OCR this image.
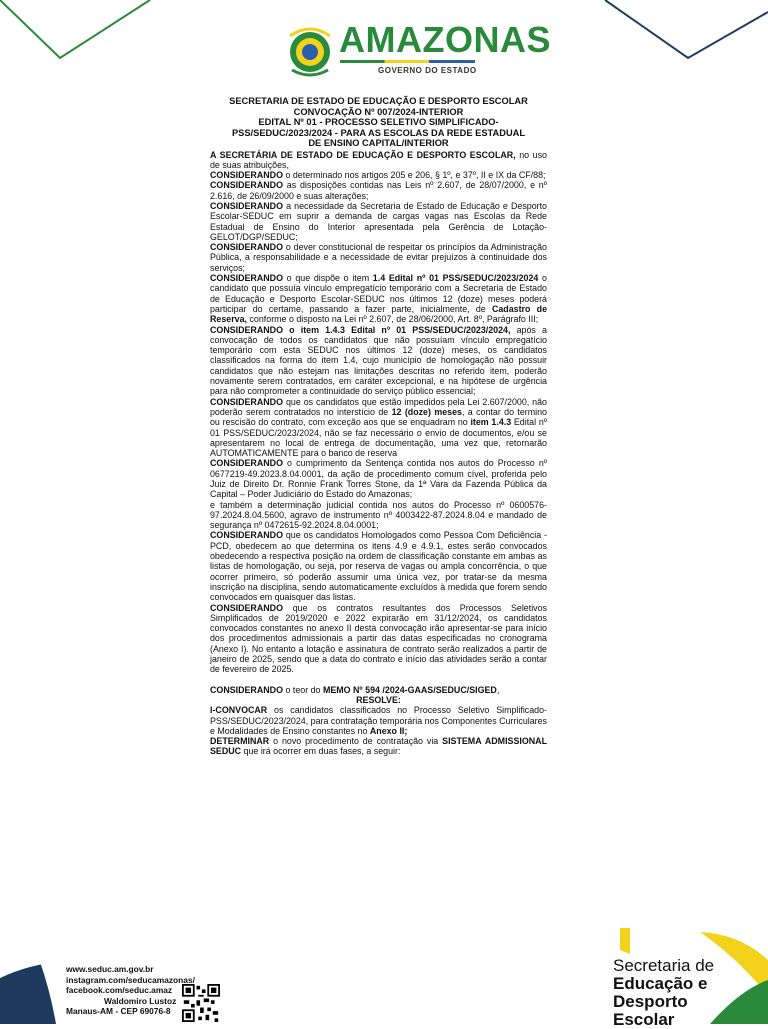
AMAZONAS
GOVERNO DO ESTADO
SECRETARIA DE ESTADO DE EDUCAÇÃO E DESPORTO ESCOLAR
CONVOCAÇÃO Nº 007/2024-INTERIOR
EDITAL Nº 01 - PROCESSO SELETIVO SIMPLIFICADO-
PSS/SEDUC/2023/2024 - PARA AS ESCOLAS DA REDE ESTADUAL
DE ENSINO CAPITAL/INTERIOR

A SECRETÁRIA DE ESTADO DE EDUCAÇÃO E DESPORTO ESCOLAR, no uso de suas atribuições,

CONSIDERANDO o determinado nos artigos 205 e 206, § 1º, e 37º, II e IX da CF/88;

CONSIDERANDO as disposições contidas nas Leis nº 2.607, de 28/07/2000, e nº 2.616, de 26/09/2000 e suas alterações;

CONSIDERANDO a necessidade da Secretaria de Estado de Educação e Desporto Escolar-SEDUC em suprir a demanda de cargas vagas nas Escolas da Rede Estadual de Ensino do Interior apresentada pela Gerência de Lotação-GELOT/DGP/SEDUC;

CONSIDERANDO o dever constitucional de respeitar os princípios da Administração Pública, a responsabilidade e a necessidade de evitar prejuízos à continuidade dos serviços;

CONSIDERANDO o que dispõe o item 1.4 Edital nº 01 PSS/SEDUC/2023/2024 o candidato que possuía vínculo empregatício temporário com a Secretaria de Estado de Educação e Desporto Escolar-SEDUC nos últimos 12 (doze) meses poderá participar do certame, passando a fazer parte, inicialmente, de Cadastro de Reserva, conforme o disposto na Lei nº 2.607, de 28/06/2000, Art. 8º, Parágrafo III;

CONSIDERANDO o item 1.4.3 Edital nº 01 PSS/SEDUC/2023/2024, após a convocação de todos os candidatos que não possuíam vínculo empregatício temporário com esta SEDUC nos últimos 12 (doze) meses, os candidatos classificados na forma do item 1.4, cujo município de homologação não possuir candidatos que não estejam nas limitações descritas no referido item, poderão novamente serem contratados, em caráter excepcional, e na hipótese de urgência para não comprometer a continuidade do serviço público essencial;

CONSIDERANDO que os candidatos que estão impedidos pela Lei 2.607/2000, não poderão serem contratados no interstício de 12 (doze) meses, a contar do termino ou rescisão do contrato, com exceção aos que se enquadram no item 1.4.3 Edital nº 01 PSS/SEDUC/2023/2024, não se faz necessário o envio de documentos, e/ou se apresentarem no local de entrega de documentação, uma vez que, retornarão AUTOMATICAMENTE para o banco de reserva

CONSIDERANDO o cumprimento da Sentença contida nos autos do Processo nº 0677219-49.2023.8.04.0001, da ação de procedimento comum cível, proferida pelo Juiz de Direito Dr. Ronnie Frank Torres Stone, da 1ª Vara da Fazenda Pública da Capital – Poder Judiciário do Estado do Amazonas;

e também a determinação judicial contida nos autos do Processo nº 0600576-97.2024.8.04.5600, agravo de instrumento nº 4003422-87.2024.8.04 e mandado de segurança nº 0472615-92.2024.8.04.0001;

CONSIDERANDO que os candidatos Homologados como Pessoa Com Deficiência -PCD, obedecem ao que determina os itens 4.9 e 4.9.1, estes serão convocados obedecendo a respectiva posição na ordem de classificação constante em ambas as listas de homologação, ou seja, por reserva de vagas ou ampla concorrência, o que ocorrer primeiro, só poderão assumir uma única vez, por tratar-se da mesma inscrição na disciplina, sendo automaticamente excluídos à medida que forem sendo convocados em quaisquer das listas.

CONSIDERANDO que os contratos resultantes dos Processos Seletivos Simplificados de 2019/2020 e 2022 expirarão em 31/12/2024, os candidatos convocados constantes no anexo II desta convocação irão apresentar-se para início dos procedimentos admissionais a partir das datas especificadas no cronograma (Anexo I). No entanto a lotação e assinatura de contrato serão realizados a partir de janeiro de 2025, sendo que a data do contrato e início das atividades serão a contar de fevereiro de 2025.

CONSIDERANDO o teor do MEMO Nº 594 /2024-GAAS/SEDUC/SIGED,

RESOLVE:

I-CONVOCAR os candidatos classificados no Processo Seletivo Simplificado-PSS/SEDUC/2023/2024, para contratação temporária nos Componentes Curriculares e Modalidades de Ensino constantes no Anexo II;

DETERMINAR o novo procedimento de contratação via SISTEMA ADMISSIONAL SEDUC que irá ocorrer em duas fases, a seguir:

www.seduc.am.gov.br
instagram.com/seducamazonas/
facebook.com/seduc.amaz
Waldomiro Lustoz
Manaus-AM - CEP 69076-8
Secretaria de
Educação e
Desporto
Escolar
